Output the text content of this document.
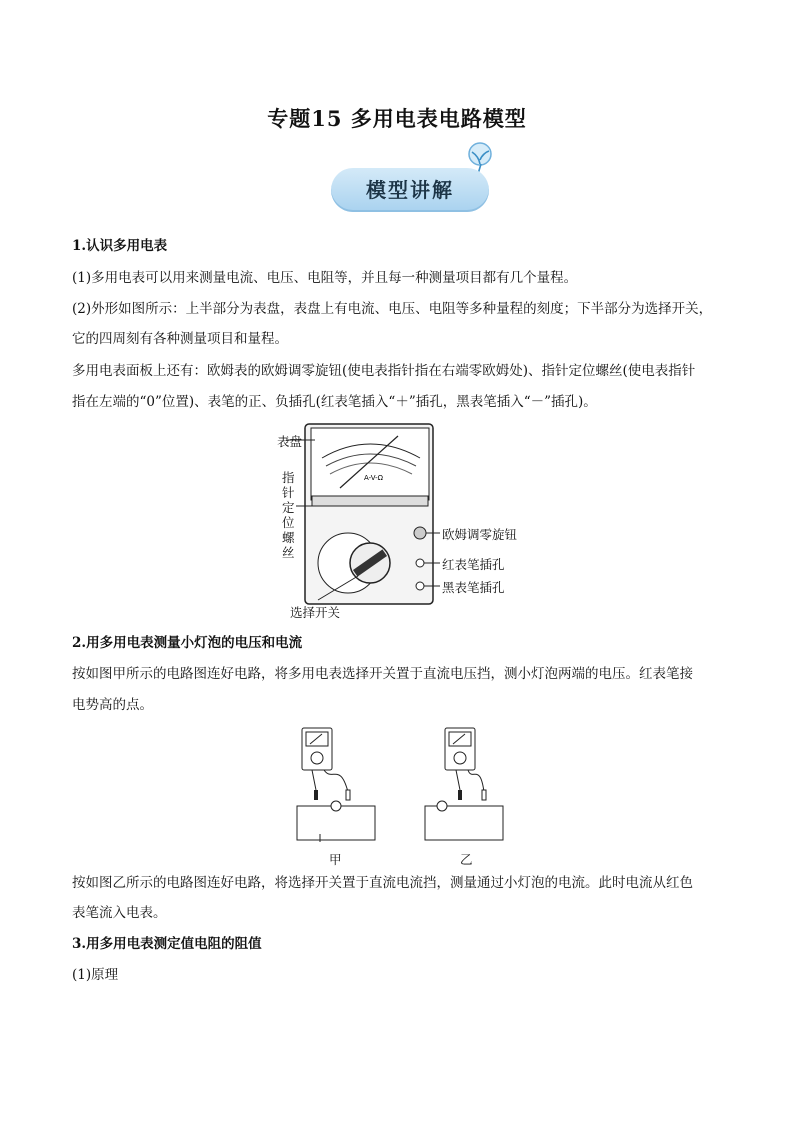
专题15 多用电表电路模型
模型讲解
1.认识多用电表
(1)多用电表可以用来测量电流、电压、电阻等，并且每一种测量项目都有几个量程。
(2)外形如图所示：上半部分为表盘，表盘上有电流、电压、电阻等多种量程的刻度；下半部分为选择开关，
它的四周刻有各种测量项目和量程。
多用电表面板上还有：欧姆表的欧姆调零旋钮(使电表指针指在右端零欧姆处)、指针定位螺丝(使电表指针
指在左端的“0”位置)、表笔的正、负插孔(红表笔插入“＋”插孔，黑表笔插入“－”插孔)。
A-V-Ω
表盘
指针定位螺丝
欧姆调零旋钮
红表笔插孔
黑表笔插孔
选择开关
2.用多用电表测量小灯泡的电压和电流
按如图甲所示的电路图连好电路，将多用电表选择开关置于直流电压挡，测小灯泡两端的电压。红表笔接
电势高的点。
甲	乙
按如图乙所示的电路图连好电路，将选择开关置于直流电流挡，测量通过小灯泡的电流。此时电流从红色
表笔流入电表。
3.用多用电表测定值电阻的阻值
(1)原理
